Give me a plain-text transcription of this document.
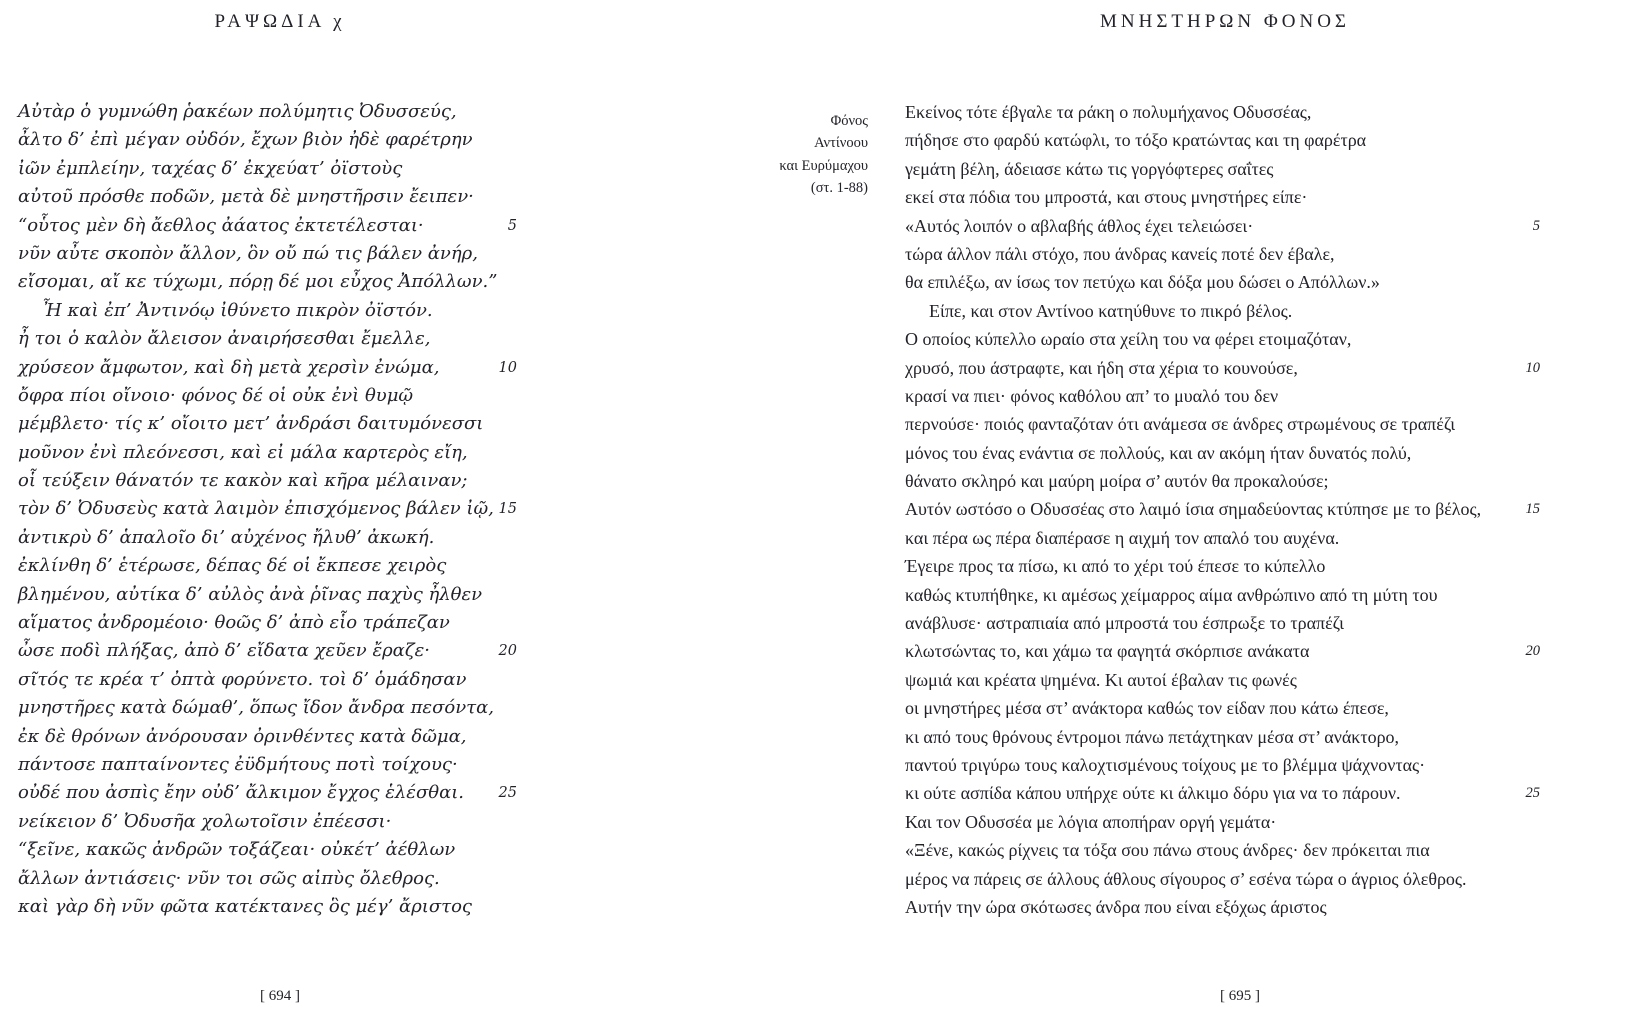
ΡΑΨΩΔΙΑ χ
Αὐτὰρ ὁ γυμνώθη ῥακέων πολύμητις Ὀδυσσεύς,
ἆλτο δ’ ἐπὶ μέγαν οὐδόν, ἔχων βιὸν ἠδὲ φαρέτρην
ἰῶν ἐμπλείην, ταχέας δ’ ἐκχεύατ’ ὀϊστοὺς
αὐτοῦ πρόσθε ποδῶν, μετὰ δὲ μνηστῆρσιν ἔειπεν·
“οὗτος μὲν δὴ ἄεθλος ἀάατος ἐκτετέλεσται·	5
νῦν αὖτε σκοπὸν ἄλλον, ὃν οὔ πώ τις βάλεν ἀνήρ,
εἴσομαι, αἴ κε τύχωμι, πόρῃ δέ μοι εὖχος Ἀπόλλων.”
Ἦ καὶ ἐπ’ Ἀντινόῳ ἰθύνετο πικρὸν ὀϊστόν.
ἦ τοι ὁ καλὸν ἄλεισον ἀναιρήσεσθαι ἔμελλε,
χρύσεον ἄμφωτον, καὶ δὴ μετὰ χερσὶν ἐνώμα,	10
ὄφρα πίοι οἴνοιο· φόνος δέ οἱ οὐκ ἐνὶ θυμῷ
μέμβλετο· τίς κ’ οἴοιτο μετ’ ἀνδράσι δαιτυμόνεσσι
μοῦνον ἐνὶ πλεόνεσσι, καὶ εἰ μάλα καρτερὸς εἴη,
οἷ τεύξειν θάνατόν τε κακὸν καὶ κῆρα μέλαιναν;
τὸν δ’ Ὀδυσεὺς κατὰ λαιμὸν ἐπισχόμενος βάλεν ἰῷ, 15
ἀντικρὺ δ’ ἁπαλοῖο δι’ αὐχένος ἤλυθ’ ἀκωκή.
ἐκλίνθη δ’ ἑτέρωσε, δέπας δέ οἱ ἔκπεσε χειρὸς
βλημένου, αὐτίκα δ’ αὐλὸς ἀνὰ ῥῖνας παχὺς ἦλθεν
αἵματος ἀνδρομέοιο· θοῶς δ’ ἀπὸ εἷο τράπεζαν
ὦσε ποδὶ πλήξας, ἀπὸ δ’ εἴδατα χεῦεν ἔραζε·	20
σῖτός τε κρέα τ’ ὀπτὰ φορύνετο. τοὶ δ’ ὁμάδησαν
μνηστῆρες κατὰ δώμαθ’, ὅπως ἴδον ἄνδρα πεσόντα,
ἐκ δὲ θρόνων ἀνόρουσαν ὀρινθέντες κατὰ δῶμα,
πάντοσε παπταίνοντες ἐϋδμήτους ποτὶ τοίχους·
οὐδέ που ἀσπὶς ἔην οὐδ’ ἄλκιμον ἔγχος ἑλέσθαι.	25
νείκειον δ’ Ὀδυσῆα χολωτοῖσιν ἐπέεσσι·
“ξεῖνε, κακῶς ἀνδρῶν τοξάζεαι· οὐκέτ’ ἀέθλων
ἄλλων ἀντιάσεις· νῦν τοι σῶς αἰπὺς ὄλεθρος.
καὶ γὰρ δὴ νῦν φῶτα κατέκτανες ὃς μέγ’ ἄριστος
[ 694 ]
ΜΝΗΣΤΗΡΩΝ ΦΟΝΟΣ
Φόνος
Αντίνοου
και Ευρύμαχου
(στ. 1-88)
Εκείνος τότε έβγαλε τα ράκη ο πολυμήχανος Οδυσσέας,
πήδησε στο φαρδύ κατώφλι, το τόξο κρατώντας και τη φαρέτρα
γεμάτη βέλη, άδειασε κάτω τις γοργόφτερες σαΐτες
εκεί στα πόδια του μπροστά, και στους μνηστήρες είπε·
«Αυτός λοιπόν ο αβλαβής άθλος έχει τελειώσει·	5
τώρα άλλον πάλι στόχο, που άνδρας κανείς ποτέ δεν έβαλε,
θα επιλέξω, αν ίσως τον πετύχω και δόξα μου δώσει ο Απόλλων.»
Είπε, και στον Αντίνοο κατηύθυνε το πικρό βέλος.
Ο οποίος κύπελλο ωραίο στα χείλη του να φέρει ετοιμαζόταν,
χρυσό, που άστραφτε, και ήδη στα χέρια το κουνούσε,	10
κρασί να πιει· φόνος καθόλου απ’ το μυαλό του δεν
περνούσε· ποιός φανταζόταν ότι ανάμεσα σε άνδρες στρωμένους σε τραπέζι
μόνος του ένας ενάντια σε πολλούς, και αν ακόμη ήταν δυνατός πολύ,
θάνατο σκληρό και μαύρη μοίρα σ’ αυτόν θα προκαλούσε;
Αυτόν ωστόσο ο Οδυσσέας στο λαιμό ίσια σημαδεύοντας κτύπησε με το βέλος,	15
και πέρα ως πέρα διαπέρασε η αιχμή τον απαλό του αυχένα.
Έγειρε προς τα πίσω, κι από το χέρι τού έπεσε το κύπελλο
καθώς κτυπήθηκε, κι αμέσως χείμαρρος αίμα ανθρώπινο από τη μύτη του
ανάβλυσε· αστραπιαία από μπροστά του έσπρωξε το τραπέζι
κλωτσώντας το, και χάμω τα φαγητά σκόρπισε ανάκατα	20
ψωμιά και κρέατα ψημένα. Κι αυτοί έβαλαν τις φωνές
οι μνηστήρες μέσα στ’ ανάκτορα καθώς τον είδαν που κάτω έπεσε,
κι από τους θρόνους έντρομοι πάνω πετάχτηκαν μέσα στ’ ανάκτορο,
παντού τριγύρω τους καλοχτισμένους τοίχους με το βλέμμα ψάχνοντας·
κι ούτε ασπίδα κάπου υπήρχε ούτε κι άλκιμο δόρυ για να το πάρουν.	25
Και τον Οδυσσέα με λόγια αποπήραν οργή γεμάτα·
«Ξένε, κακώς ρίχνεις τα τόξα σου πάνω στους άνδρες· δεν πρόκειται πια
μέρος να πάρεις σε άλλους άθλους σίγουρος σ’ εσένα τώρα ο άγριος όλεθρος.
Αυτήν την ώρα σκότωσες άνδρα που είναι εξόχως άριστος
[ 695 ]
